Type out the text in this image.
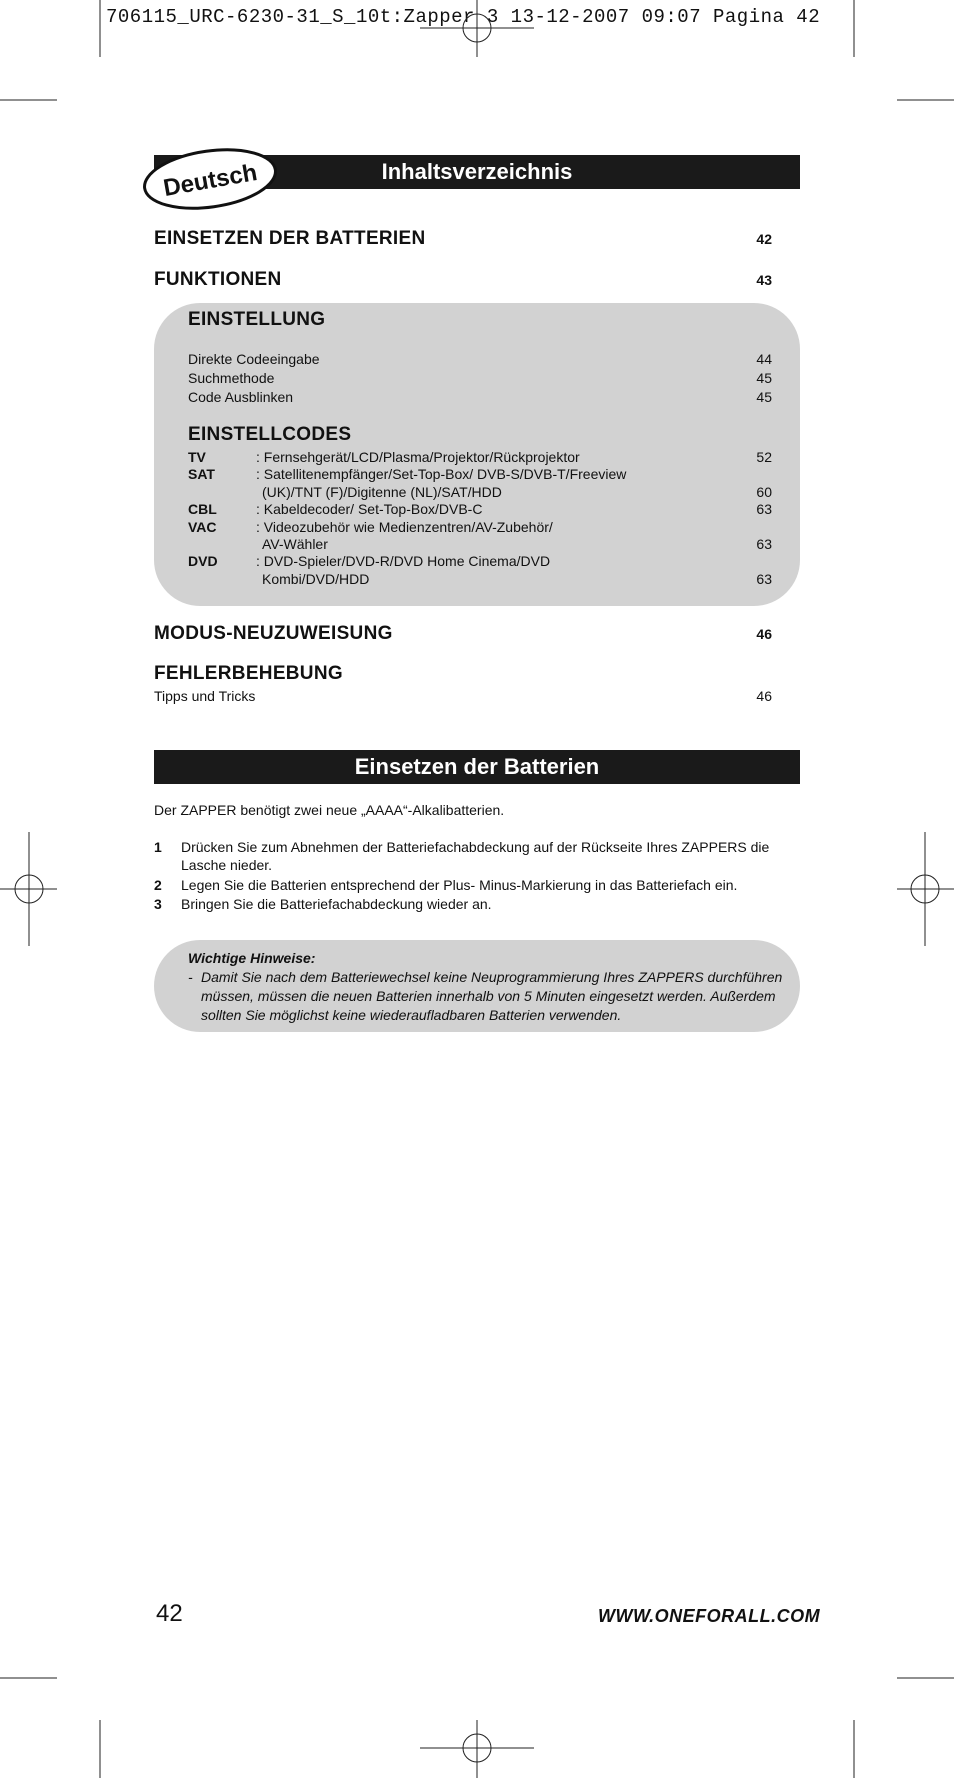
706115_URC-6230-31_S_10t:Zapper 3 13-12-2007 09:07 Pagina 42
Inhaltsverzeichnis
Deutsch
EINSETZEN DER BATTERIEN	42
FUNKTIONEN	43
EINSTELLUNG
Direkte Codeeingabe	44
Suchmethode	45
Code Ausblinken	45
EINSTELLCODES
TV	: Fernsehgerät/LCD/Plasma/Projektor/Rückprojektor	52
SAT	: Satellitenempfänger/Set-Top-Box/ DVB-S/DVB-T/Freeview
(UK)/TNT (F)/Digitenne (NL)/SAT/HDD	60
CBL	: Kabeldecoder/ Set-Top-Box/DVB-C	63
VAC	: Videozubehör wie Medienzentren/AV-Zubehör/
AV-Wähler	63
DVD	: DVD-Spieler/DVD-R/DVD Home Cinema/DVD
Kombi/DVD/HDD	63
MODUS-NEUZUWEISUNG	46
FEHLERBEHEBUNG
Tipps und Tricks	46
Einsetzen der Batterien
Der ZAPPER benötigt zwei neue „AAAA“-Alkalibatterien.
1 Drücken Sie zum Abnehmen der Batteriefachabdeckung auf der Rückseite Ihres ZAPPERS die Lasche nieder.
2 Legen Sie die Batterien entsprechend der Plus- Minus-Markierung in das Batteriefach ein.
3 Bringen Sie die Batteriefachabdeckung wieder an.
Wichtige Hinweise:
- Damit Sie nach dem Batteriewechsel keine Neuprogrammierung Ihres ZAPPERS durchführen müssen, müssen die neuen Batterien innerhalb von 5 Minuten eingesetzt werden. Außerdem sollten Sie möglichst keine wiederaufladbaren Batterien verwenden.
42	WWW.ONEFORALL.COM
